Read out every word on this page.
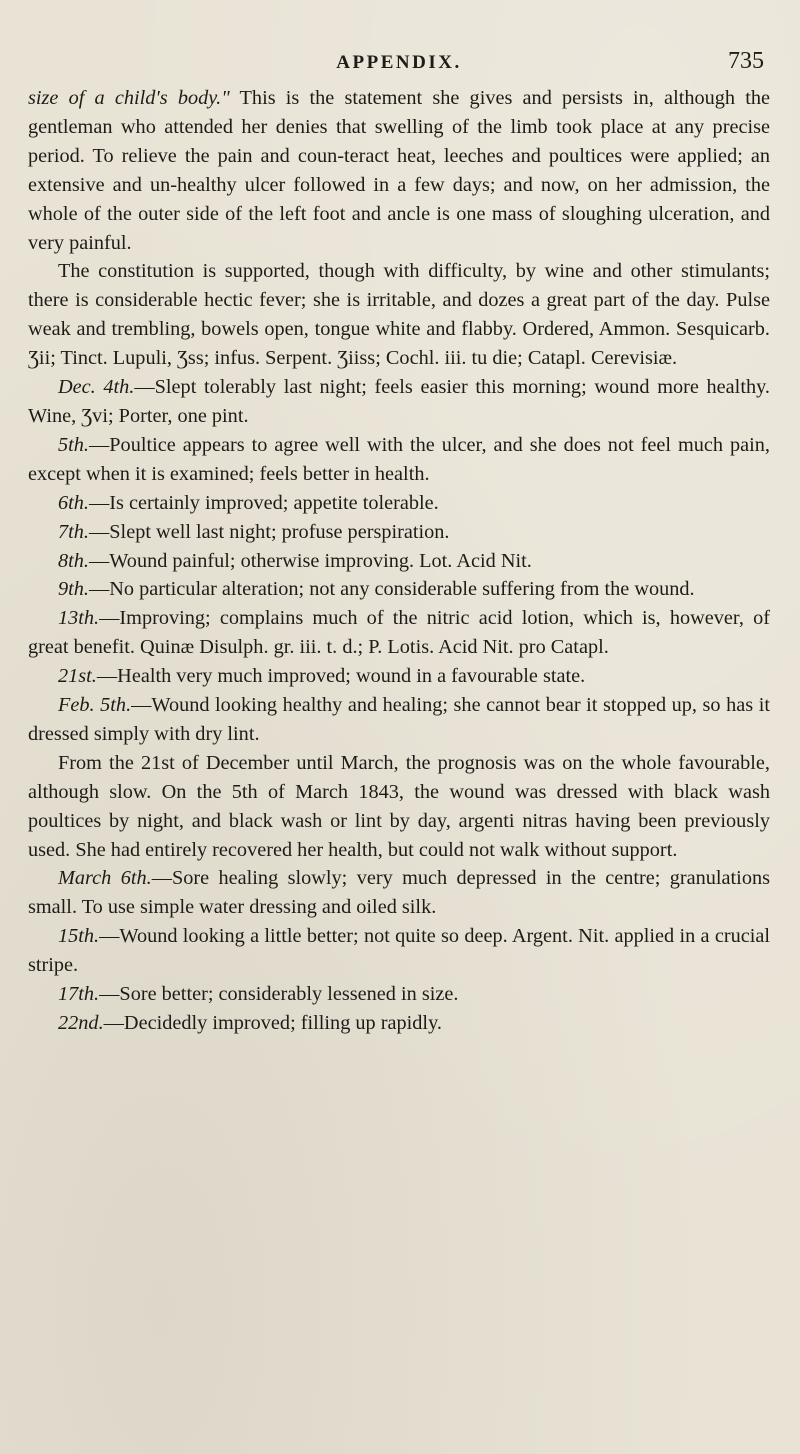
APPENDIX.	735

size of a child's body." This is the statement she gives and persists in, although the gentleman who attended her denies that swelling of the limb took place at any precise period. To relieve the pain and coun-teract heat, leeches and poultices were applied; an extensive and un-healthy ulcer followed in a few days; and now, on her admission, the whole of the outer side of the left foot and ancle is one mass of sloughing ulceration, and very painful.

The constitution is supported, though with difficulty, by wine and other stimulants; there is considerable hectic fever; she is irritable, and dozes a great part of the day. Pulse weak and trembling, bowels open, tongue white and flabby. Ordered, Ammon. Sesquicarb. Ʒii; Tinct. Lupuli, Ʒss; infus. Serpent. Ʒiiss; Cochl. iii. tu die; Catapl. Cerevisiæ.

Dec. 4th.—Slept tolerably last night; feels easier this morning; wound more healthy. Wine, Ʒvi; Porter, one pint.

5th.—Poultice appears to agree well with the ulcer, and she does not feel much pain, except when it is examined; feels better in health.

6th.—Is certainly improved; appetite tolerable.

7th.—Slept well last night; profuse perspiration.

8th.—Wound painful; otherwise improving. Lot. Acid Nit.

9th.—No particular alteration; not any considerable suffering from the wound.

13th.—Improving; complains much of the nitric acid lotion, which is, however, of great benefit. Quinæ Disulph. gr. iii. t. d.; P. Lotis. Acid Nit. pro Catapl.

21st.—Health very much improved; wound in a favourable state.

Feb. 5th.—Wound looking healthy and healing; she cannot bear it stopped up, so has it dressed simply with dry lint.

From the 21st of December until March, the prognosis was on the whole favourable, although slow. On the 5th of March 1843, the wound was dressed with black wash poultices by night, and black wash or lint by day, argenti nitras having been previously used. She had entirely recovered her health, but could not walk without support.

March 6th.—Sore healing slowly; very much depressed in the centre; granulations small. To use simple water dressing and oiled silk.

15th.—Wound looking a little better; not quite so deep. Argent. Nit. applied in a crucial stripe.

17th.—Sore better; considerably lessened in size.

22nd.—Decidedly improved; filling up rapidly.
